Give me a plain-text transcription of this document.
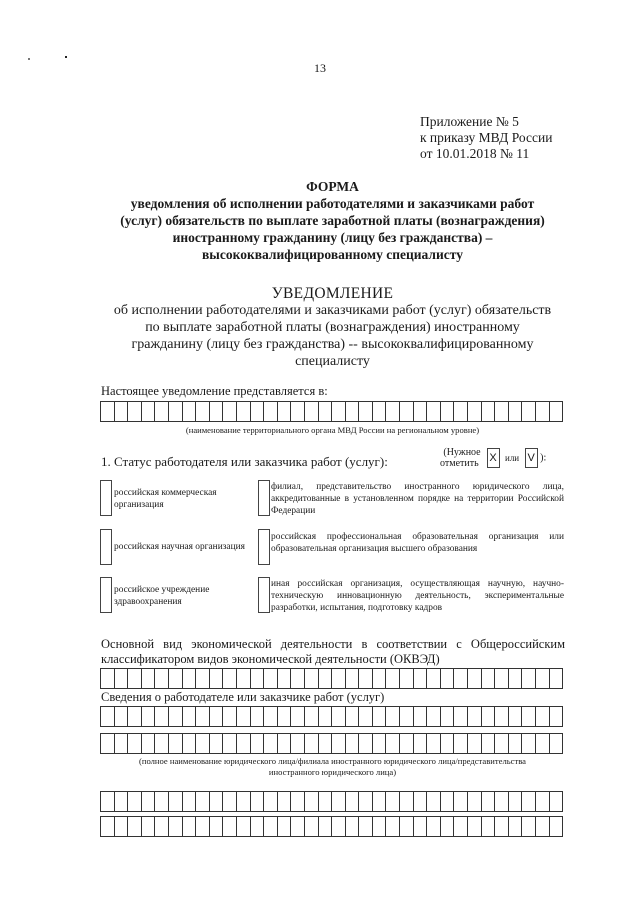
13
Приложение № 5
к приказу МВД России
от 10.01.2018 № 11
ФОРМА
уведомления об исполнении работодателями и заказчиками работ
(услуг) обязательств по выплате заработной платы (вознаграждения)
иностранному гражданину (лицу без гражданства) –
высококвалифицированному специалисту
УВЕДОМЛЕНИЕ
об исполнении работодателями и заказчиками работ (услуг) обязательств
по выплате заработной платы (вознаграждения) иностранному
гражданину (лицу без гражданства) -- высококвалифицированному
специалисту
Настоящее уведомление представляется в:
(наименование территориального органа МВД России на региональном уровне)
1. Статус работодателя или заказчика работ (услуг):
(Нужное
отметить X или V ):
российская коммерческая организация
российская научная организация
российское учреждение здравоохранения
филиал, представительство иностранного юридического лица, аккредитованные в установленном порядке на территории Российской Федерации
российская профессиональная образовательная организация или образовательная организация высшего образования
иная российская организация, осуществляющая научную, научно-техническую инновационную деятельность, экспериментальные разработки, испытания, подготовку кадров
Основной вид экономической деятельности в соответствии с Общероссийским
классификатором видов экономической деятельности (ОКВЭД)
Сведения о работодателе или заказчике работ (услуг)
(полное наименование юридического лица/филиала иностранного юридического лица/представительства
иностранного юридического лица)
